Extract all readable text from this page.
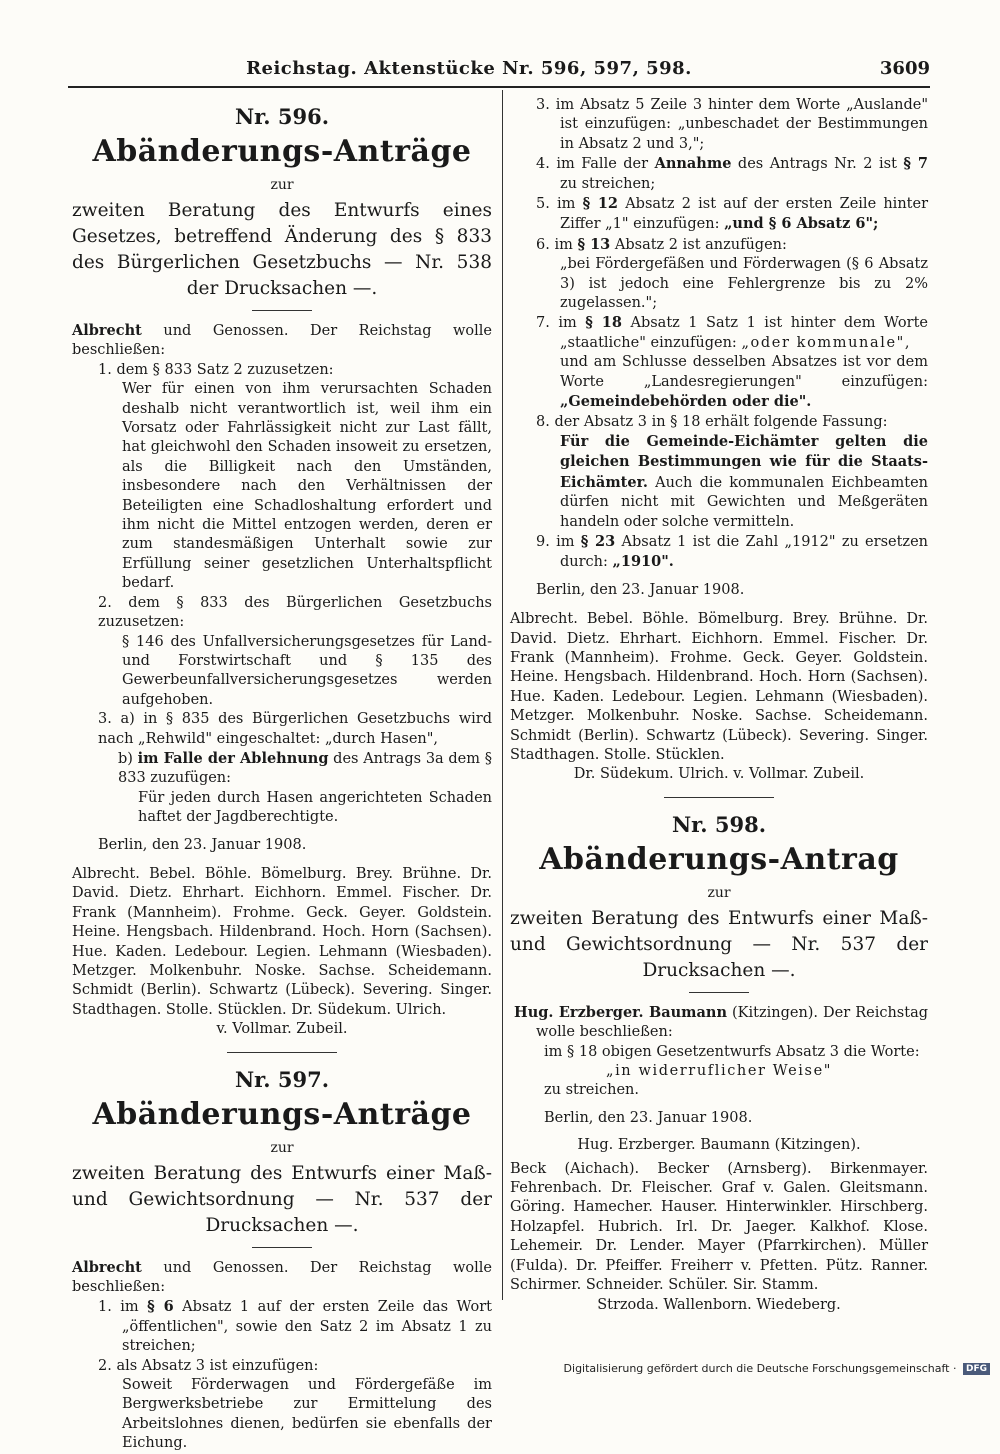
Reichstag. Aktenstücke Nr. 596, 597, 598.	3609
Nr. 596.
Abänderungs-Anträge
zur
zweiten Beratung des Entwurfs eines Gesetzes, betreffend Änderung des § 833 des Bürgerlichen Gesetzbuchs — Nr. 538 der Drucksachen —.

Albrecht und Genossen. Der Reichstag wolle beschließen:

1. dem § 833 Satz 2 zuzusetzen:

Wer für einen von ihm verursachten Schaden deshalb nicht verantwortlich ist, weil ihm ein Vorsatz oder Fahrlässigkeit nicht zur Last fällt, hat gleichwohl den Schaden insoweit zu ersetzen, als die Billigkeit nach den Umständen, insbesondere nach den Verhältnissen der Beteiligten eine Schadloshaltung erfordert und ihm nicht die Mittel entzogen werden, deren er zum standesmäßigen Unterhalt sowie zur Erfüllung seiner gesetzlichen Unterhaltspflicht bedarf.

2. dem § 833 des Bürgerlichen Gesetzbuchs zuzusetzen:

§ 146 des Unfallversicherungsgesetzes für Land- und Forstwirtschaft und § 135 des Gewerbeunfallversicherungsgesetzes werden aufgehoben.

3. a) in § 835 des Bürgerlichen Gesetzbuchs wird nach „Rehwild" eingeschaltet: „durch Hasen",

b) im Falle der Ablehnung des Antrags 3a dem § 833 zuzufügen:

Für jeden durch Hasen angerichteten Schaden haftet der Jagdberechtigte.

Berlin, den 23. Januar 1908.

Albrecht. Bebel. Böhle. Bömelburg. Brey. Brühne. Dr. David. Dietz. Ehrhart. Eichhorn. Emmel. Fischer. Dr. Frank (Mannheim). Frohme. Geck. Geyer. Goldstein. Heine. Hengsbach. Hildenbrand. Hoch. Horn (Sachsen). Hue. Kaden. Ledebour. Legien. Lehmann (Wiesbaden). Metzger. Molkenbuhr. Noske. Sachse. Scheidemann. Schmidt (Berlin). Schwartz (Lübeck). Severing. Singer. Stadthagen. Stolle. Stücklen. Dr. Südekum. Ulrich.

v. Vollmar. Zubeil.

Nr. 597.
Abänderungs-Anträge
zur
zweiten Beratung des Entwurfs einer Maß- und Gewichtsordnung — Nr. 537 der Drucksachen —.

Albrecht und Genossen. Der Reichstag wolle beschließen:

1. im § 6 Absatz 1 auf der ersten Zeile das Wort „öffentlichen", sowie den Satz 2 im Absatz 1 zu streichen;

2. als Absatz 3 ist einzufügen:

Soweit Förderwagen und Fördergefäße im Bergwerksbetriebe zur Ermittelung des Arbeitslohnes dienen, bedürfen sie ebenfalls der Eichung.

3. im Absatz 5 Zeile 3 hinter dem Worte „Auslande" ist einzufügen: „unbeschadet der Bestimmungen in Absatz 2 und 3,";

4. im Falle der Annahme des Antrags Nr. 2 ist § 7 zu streichen;

5. im § 12 Absatz 2 ist auf der ersten Zeile hinter Ziffer „1" einzufügen: „und § 6 Absatz 6";

6. im § 13 Absatz 2 ist anzufügen:

„bei Fördergefäßen und Förderwagen (§ 6 Absatz 3) ist jedoch eine Fehlergrenze bis zu 2% zugelassen.";

7. im § 18 Absatz 1 Satz 1 ist hinter dem Worte „staatliche" einzufügen: „oder kommunale",

und am Schlusse desselben Absatzes ist vor dem Worte „Landesregierungen" einzufügen: „Gemeindebehörden oder die".

8. der Absatz 3 in § 18 erhält folgende Fassung:

Für die Gemeinde-Eichämter gelten die gleichen Bestimmungen wie für die Staats-Eichämter. Auch die kommunalen Eichbeamten dürfen nicht mit Gewichten und Meßgeräten handeln oder solche vermitteln.

9. im § 23 Absatz 1 ist die Zahl „1912" zu ersetzen durch: „1910".

Berlin, den 23. Januar 1908.

Albrecht. Bebel. Böhle. Bömelburg. Brey. Brühne. Dr. David. Dietz. Ehrhart. Eichhorn. Emmel. Fischer. Dr. Frank (Mannheim). Frohme. Geck. Geyer. Goldstein. Heine. Hengsbach. Hildenbrand. Hoch. Horn (Sachsen). Hue. Kaden. Ledebour. Legien. Lehmann (Wiesbaden). Metzger. Molkenbuhr. Noske. Sachse. Scheidemann. Schmidt (Berlin). Schwartz (Lübeck). Severing. Singer. Stadthagen. Stolle. Stücklen.

Dr. Südekum. Ulrich. v. Vollmar. Zubeil.

Nr. 598.
Abänderungs-Antrag
zur
zweiten Beratung des Entwurfs einer Maß- und Gewichtsordnung — Nr. 537 der Drucksachen —.

Hug. Erzberger. Baumann (Kitzingen). Der Reichstag wolle beschließen:

im § 18 obigen Gesetzentwurfs Absatz 3 die Worte:

„in widerruflicher Weise"

zu streichen.

Berlin, den 23. Januar 1908.

Hug. Erzberger. Baumann (Kitzingen).

Beck (Aichach). Becker (Arnsberg). Birkenmayer. Fehrenbach. Dr. Fleischer. Graf v. Galen. Gleitsmann. Göring. Hamecher. Hauser. Hinterwinkler. Hirschberg. Holzapfel. Hubrich. Irl. Dr. Jaeger. Kalkhof. Klose. Lehemeir. Dr. Lender. Mayer (Pfarrkirchen). Müller (Fulda). Dr. Pfeiffer. Freiherr v. Pfetten. Pütz. Ranner. Schirmer. Schneider. Schüler. Sir. Stamm.

Strzoda. Wallenborn. Wiedeberg.

Digitalisierung gefördert durch die Deutsche Forschungsgemeinschaft · DFG
